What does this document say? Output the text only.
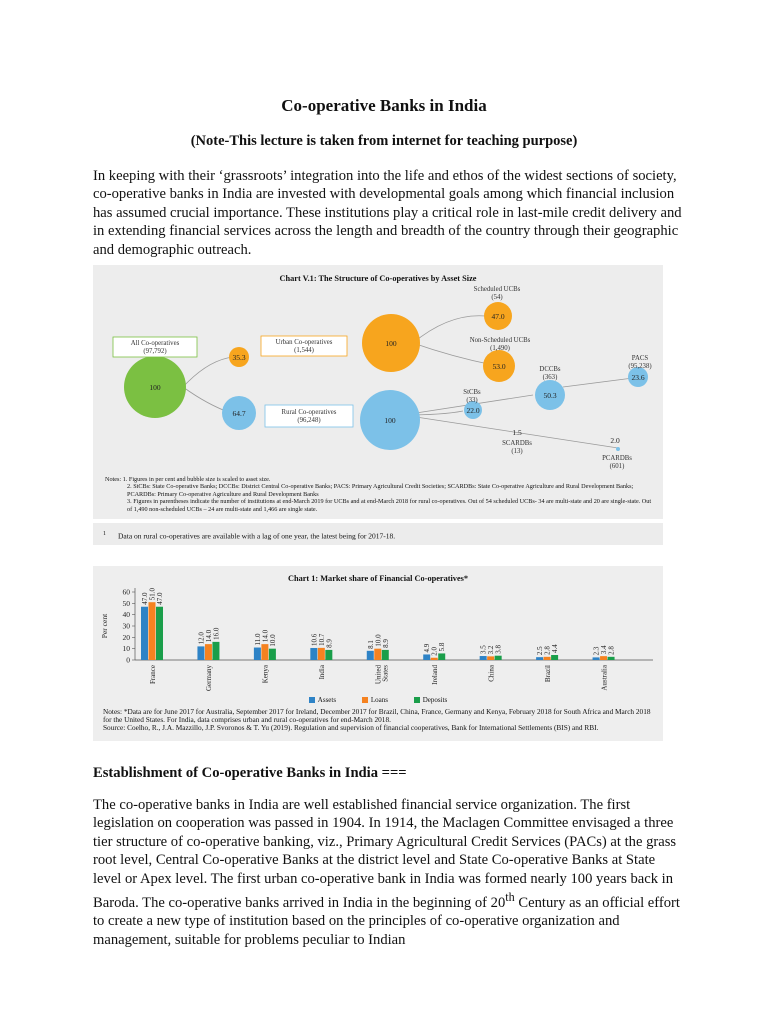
Co-operative Banks in India
(Note-This lecture is taken from internet for teaching purpose)

In keeping with their ‘grassroots’ integration into the life and ethos of the widest sections of society, co-operative banks in India are invested with developmental goals among which financial inclusion has assumed crucial importance. These institutions play a critical role in last-mile credit delivery and in extending financial services across the length and breadth of the country through their geographic and demographic outreach.

Chart V.1: The Structure of Co-operatives by Asset Size
100
35.3
64.7
100
100
47.0
53.0
50.3
23.6
22.0
1.5
2.0
Scheduled UCBs
(54)
Non-Scheduled UCBs
(1,490)
DCCBs
(363)
PACS
(95,238)
StCBs
(33)
SCARDBs
(13)
PCARDBs
(601)
All Co-operatives
(97,792)
Urban Co-operatives
(1,544)
Rural Co-operatives
(96,248)

Notes: 1. Figures in per cent and bubble size is scaled to asset size.

2. StCBs: State Co-operative Banks; DCCBs: District Central Co-operative Banks; PACS: Primary Agricultural Credit Societies; SCARDBs: State Co-operative Agriculture and Rural Development Banks; PCARDBs: Primary Co-operative Agriculture and Rural Development Banks

3. Figures in parentheses indicate the number of institutions at end-March 2019 for UCBs and at end-March 2018 for rural co-operatives. Out of 54 scheduled UCBs- 34 are multi-state and 20 are single-state. Out of 1,490 non-scheduled UCBs – 24 are multi-state and 1,466 are single state.

$^1$ Data on rural co-operatives are available with a lag of one year, the latest being for 2017-18.
Chart 1: Market share of Financial Co-operatives*
0
10
20
30
40
50
60
Per cent
47.0 51.0 47.0
France
12.0 14.0 16.0
Germany
11.0 14.0 10.0
Kenya
10.6 10.7 8.9
India
8.1 10.0 8.9
United States
4.9 2.0 5.8
Ireland
3.5 3.2 3.8
China
2.5 2.8 4.4
Brazil
2.3 3.4 2.8
Australia
Assets	Loans	Deposits

Notes: *Data are for June 2017 for Australia, September 2017 for Ireland, December 2017 for Brazil, China, France, Germany and Kenya, February 2018 for South Africa and March 2018 for the United States. For India, data comprises urban and rural co-operatives for end-March 2018.

Source: Coelho, R., J.A. Mazzillo, J.P. Svoronos & T. Yu (2019). Regulation and supervision of financial cooperatives, Bank for International Settlements (BIS) and RBI.

Establishment of Co-operative Banks in India ===

The co-operative banks in India are well established financial service organization. The first legislation on cooperation was passed in 1904. In 1914, the Maclagen Committee envisaged a three tier structure of co-operative banking, viz., Primary Agricultural Credit Services (PACs) at the grass root level, Central Co-operative Banks at the district level and State Co-operative Banks at State level or Apex level. The first urban co-operative bank in India was formed nearly 100 years back in Baroda. The co-operative banks arrived in India in the beginning of 20th Century as an official effort to create a new type of institution based on the principles of co-operative organization and management, suitable for problems peculiar to Indian
